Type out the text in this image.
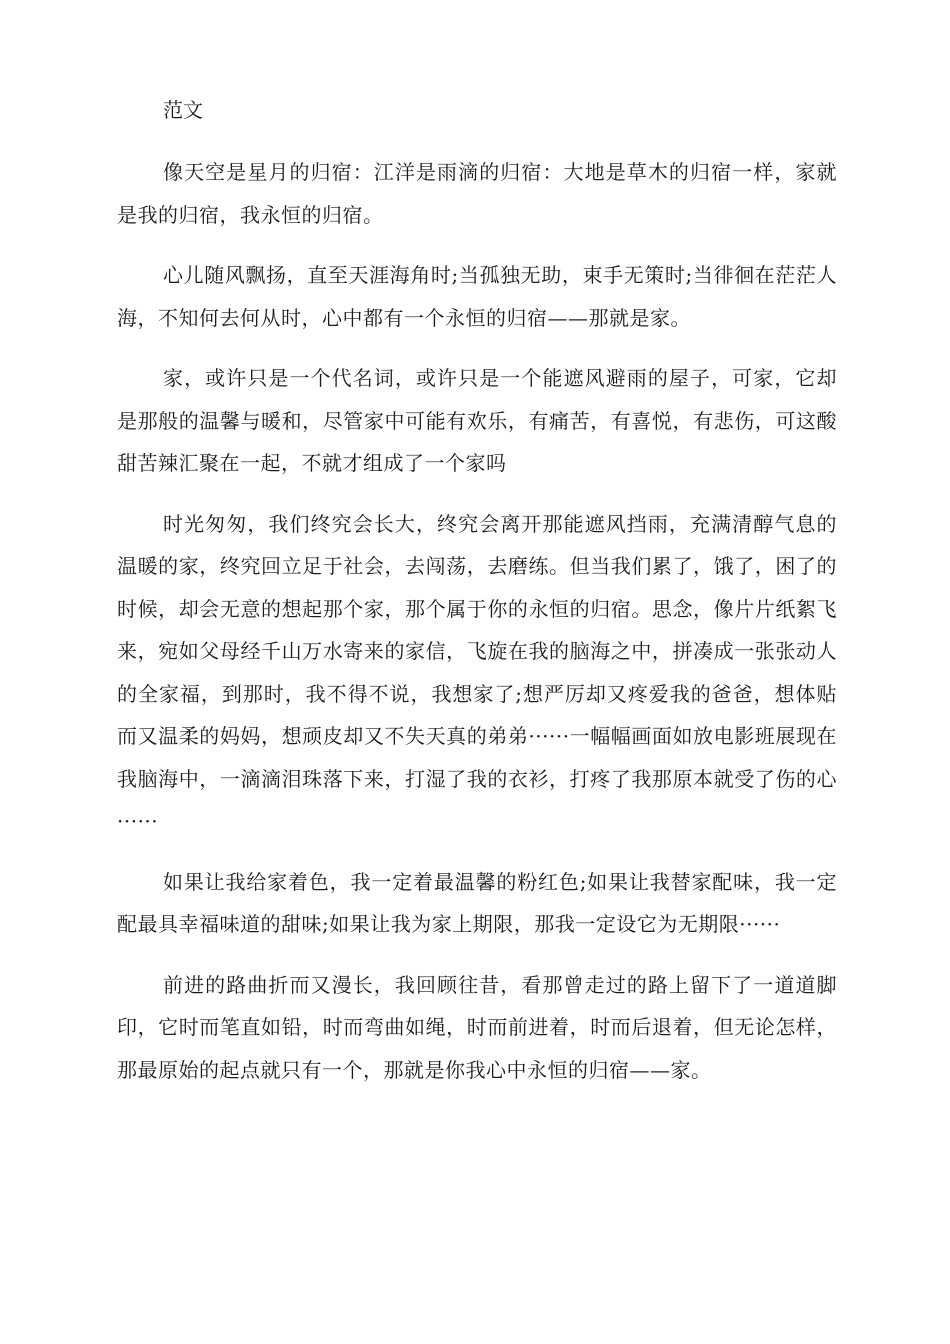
范文

像天空是星月的归宿：江洋是雨滴的归宿：大地是草木的归宿一样，家就是我的归宿，我永恒的归宿。

心儿随风飘扬，直至天涯海角时;当孤独无助，束手无策时;当徘徊在茫茫人海，不知何去何从时，心中都有一个永恒的归宿——那就是家。

家，或许只是一个代名词，或许只是一个能遮风避雨的屋子，可家，它却是那般的温馨与暖和，尽管家中可能有欢乐，有痛苦，有喜悦，有悲伤，可这酸甜苦辣汇聚在一起，不就才组成了一个家吗

时光匆匆，我们终究会长大，终究会离开那能遮风挡雨，充满清醇气息的温暖的家，终究回立足于社会，去闯荡，去磨练。但当我们累了，饿了，困了的时候，却会无意的想起那个家，那个属于你的永恒的归宿。思念，像片片纸絮飞来，宛如父母经千山万水寄来的家信，飞旋在我的脑海之中，拼凑成一张张动人的全家福，到那时，我不得不说，我想家了;想严厉却又疼爱我的爸爸，想体贴而又温柔的妈妈，想顽皮却又不失天真的弟弟······一幅幅画面如放电影班展现在我脑海中，一滴滴泪珠落下来，打湿了我的衣衫，打疼了我那原本就受了伤的心······

如果让我给家着色，我一定着最温馨的粉红色;如果让我替家配味，我一定配最具幸福味道的甜味;如果让我为家上期限，那我一定设它为无期限······

前进的路曲折而又漫长，我回顾往昔，看那曾走过的路上留下了一道道脚印，它时而笔直如铅，时而弯曲如绳，时而前进着，时而后退着，但无论怎样，那最原始的起点就只有一个，那就是你我心中永恒的归宿——家。
